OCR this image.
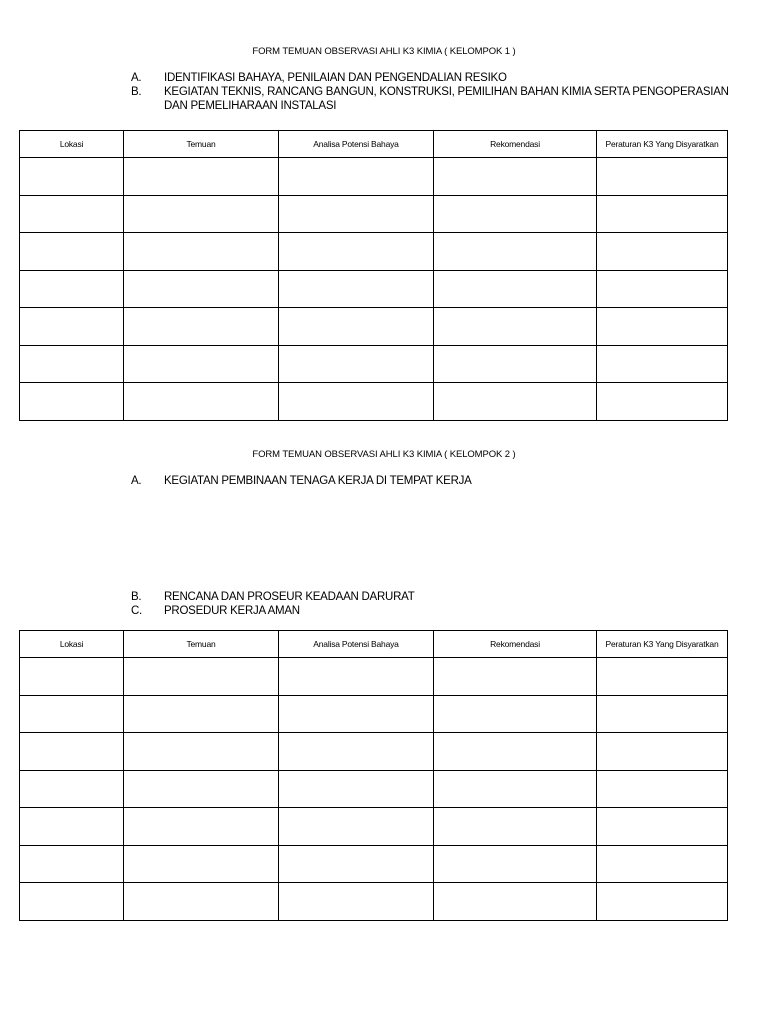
FORM TEMUAN OBSERVASI AHLI K3 KIMIA ( KELOMPOK 1 )
A.	IDENTIFIKASI BAHAYA, PENILAIAN DAN PENGENDALIAN RESIKO
B.	KEGIATAN TEKNIS, RANCANG BANGUN, KONSTRUKSI, PEMILIHAN BAHAN KIMIA SERTA PENGOPERASIAN
DAN PEMELIHARAAN INSTALASI
Lokasi	Temuan	Analisa Potensi Bahaya	Rekomendasi	Peraturan K3 Yang Disyaratkan

FORM TEMUAN OBSERVASI AHLI K3 KIMIA ( KELOMPOK 2 )
A.	KEGIATAN PEMBINAAN TENAGA KERJA DI TEMPAT KERJA
B.	RENCANA DAN PROSEUR KEADAAN DARURAT
C.	PROSEDUR KERJA AMAN
Lokasi	Temuan	Analisa Potensi Bahaya	Rekomendasi	Peraturan K3 Yang Disyaratkan
